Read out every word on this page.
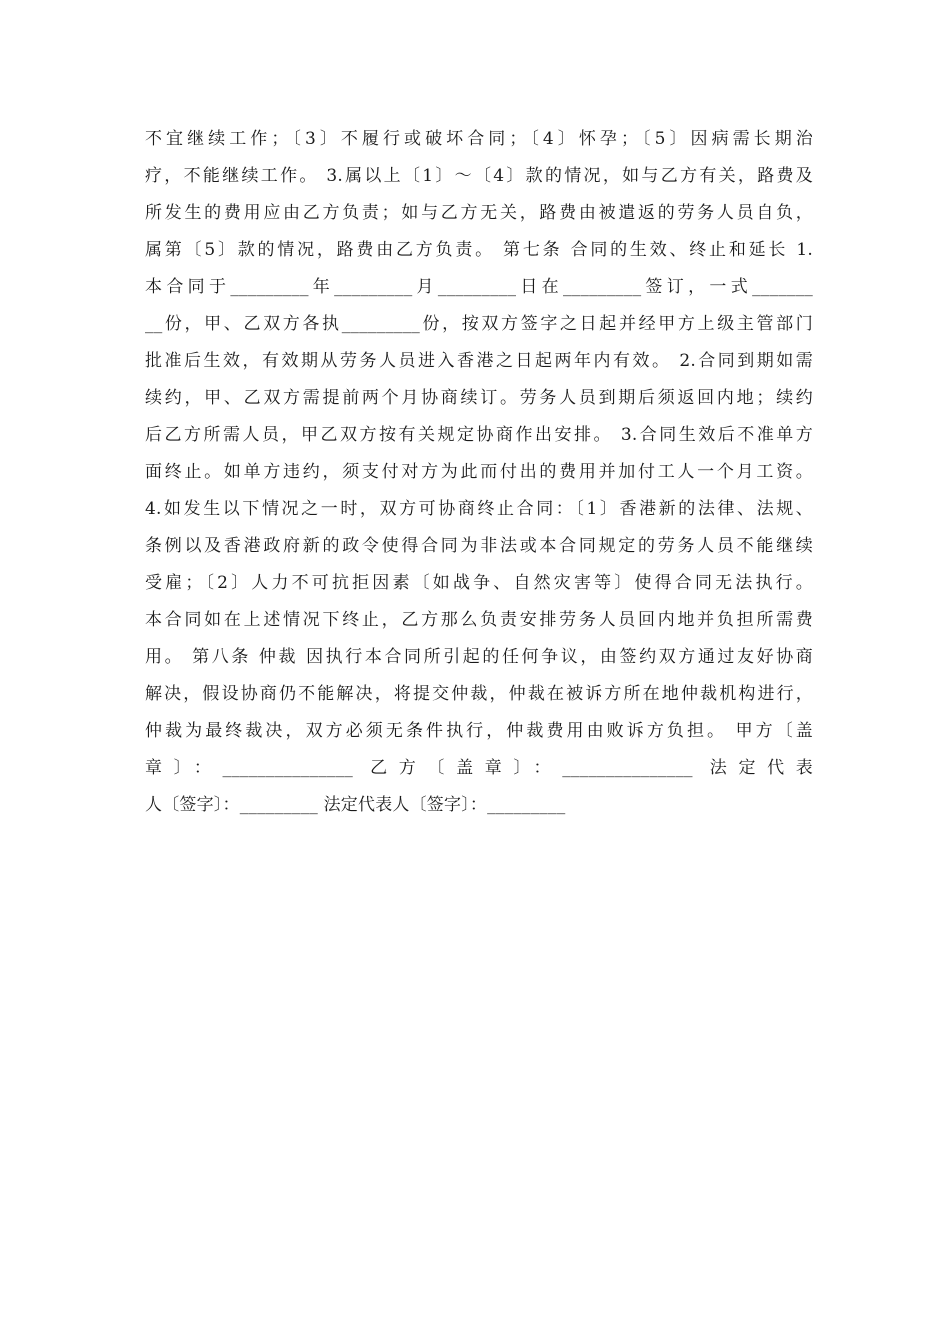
不宜继续工作；〔3〕不履行或破坏合同；〔4〕怀孕；〔5〕因病需长期治
疗，不能继续工作。 3.属以上〔1〕～〔4〕款的情况，如与乙方有关，路费及
所发生的费用应由乙方负责；如与乙方无关，路费由被遣返的劳务人员自负，
属第〔5〕款的情况，路费由乙方负责。 第七条 合同的生效、终止和延长 1.
本合同于_________年_________月_________日在_________签订，一式_______
__份，甲、乙双方各执_________份，按双方签字之日起并经甲方上级主管部门
批准后生效，有效期从劳务人员进入香港之日起两年内有效。 2.合同到期如需
续约，甲、乙双方需提前两个月协商续订。劳务人员到期后须返回内地；续约
后乙方所需人员，甲乙双方按有关规定协商作出安排。 3.合同生效后不准单方
面终止。如单方违约，须支付对方为此而付出的费用并加付工人一个月工资。
4.如发生以下情况之一时，双方可协商终止合同：〔1〕香港新的法律、法规、
条例以及香港政府新的政令使得合同为非法或本合同规定的劳务人员不能继续
受雇；〔2〕人力不可抗拒因素〔如战争、自然灾害等〕使得合同无法执行。
本合同如在上述情况下终止，乙方那么负责安排劳务人员回内地并负担所需费
用。 第八条 仲裁 因执行本合同所引起的任何争议，由签约双方通过友好协商
解决，假设协商仍不能解决，将提交仲裁，仲裁在被诉方所在地仲裁机构进行，
仲裁为最终裁决，双方必须无条件执行，仲裁费用由败诉方负担。 甲方〔盖
章〕：_______________ 乙方〔盖章〕：_______________ 法定代表
人〔签字〕：_________ 法定代表人〔签字〕：_________
